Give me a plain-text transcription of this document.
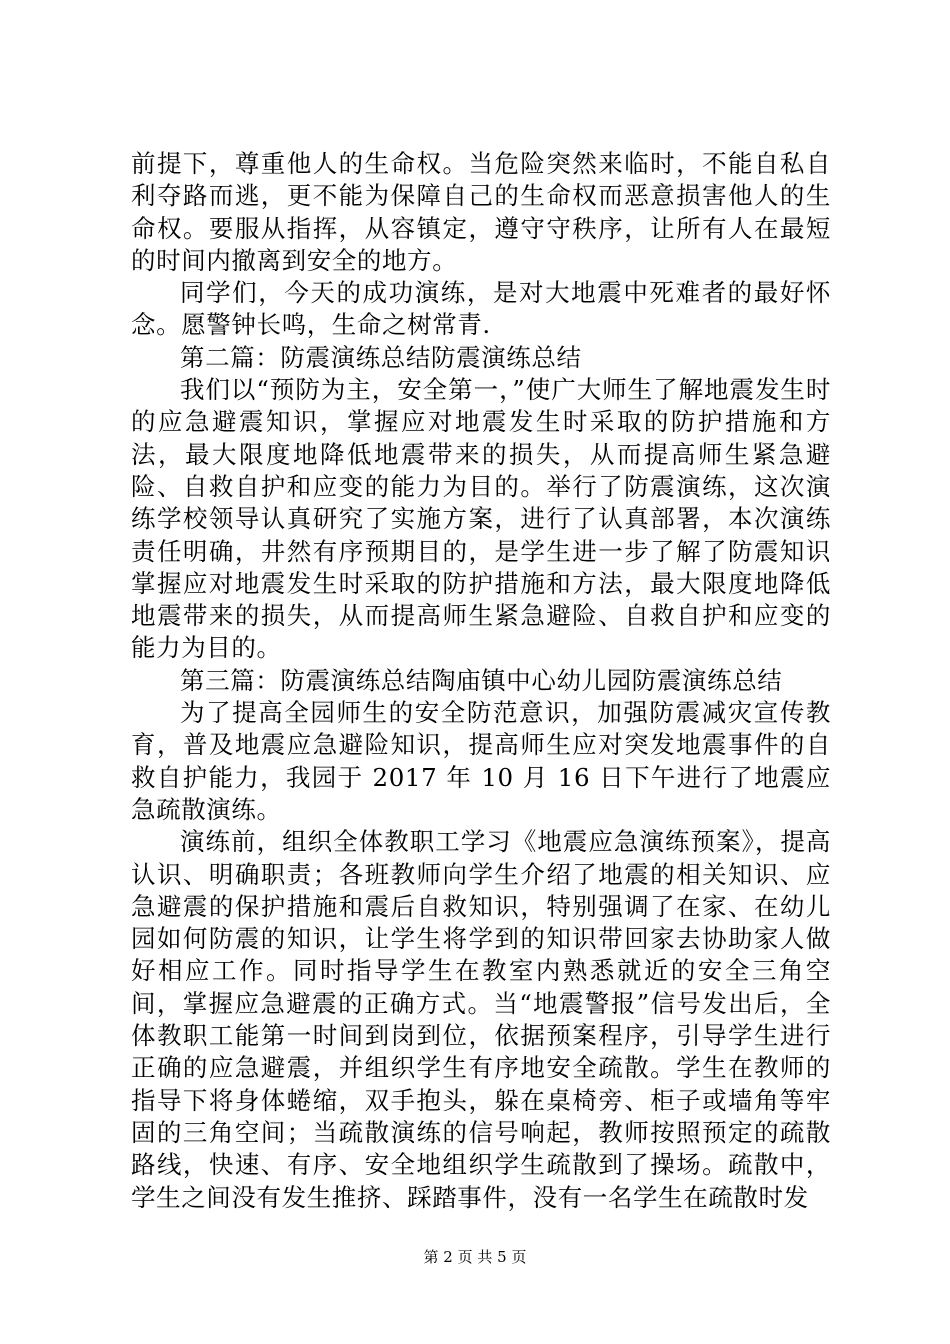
前提下，尊重他人的生命权。当危险突然来临时，不能自私自利夺路而逃，更不能为保障自己的生命权而恶意损害他人的生命权。要服从指挥，从容镇定，遵守守秩序，让所有人在最短的时间内撤离到安全的地方。

同学们，今天的成功演练，是对大地震中死难者的最好怀念。愿警钟长鸣，生命之树常青.

第二篇：防震演练总结防震演练总结

我们以“预防为主，安全第一，”使广大师生了解地震发生时的应急避震知识，掌握应对地震发生时采取的防护措施和方法，最大限度地降低地震带来的损失，从而提高师生紧急避险、自救自护和应变的能力为目的。举行了防震演练，这次演练学校领导认真研究了实施方案，进行了认真部署，本次演练责任明确，井然有序预期目的，是学生进一步了解了防震知识掌握应对地震发生时采取的防护措施和方法，最大限度地降低地震带来的损失，从而提高师生紧急避险、自救自护和应变的能力为目的。

第三篇：防震演练总结陶庙镇中心幼儿园防震演练总结

为了提高全园师生的安全防范意识，加强防震减灾宣传教育，普及地震应急避险知识，提高师生应对突发地震事件的自救自护能力，我园于 2017 年 10 月 16 日下午进行了地震应急疏散演练。

演练前，组织全体教职工学习《地震应急演练预案》，提高认识、明确职责；各班教师向学生介绍了地震的相关知识、应急避震的保护措施和震后自救知识，特别强调了在家、在幼儿园如何防震的知识，让学生将学到的知识带回家去协助家人做好相应工作。同时指导学生在教室内熟悉就近的安全三角空间，掌握应急避震的正确方式。当“地震警报”信号发出后，全体教职工能第一时间到岗到位，依据预案程序，引导学生进行正确的应急避震，并组织学生有序地安全疏散。学生在教师的指导下将身体蜷缩，双手抱头，躲在桌椅旁、柜子或墙角等牢固的三角空间；当疏散演练的信号响起，教师按照预定的疏散路线，快速、有序、安全地组织学生疏散到了操场。疏散中，学生之间没有发生推挤、踩踏事件，没有一名学生在疏散时发

第 2 页 共 5 页
